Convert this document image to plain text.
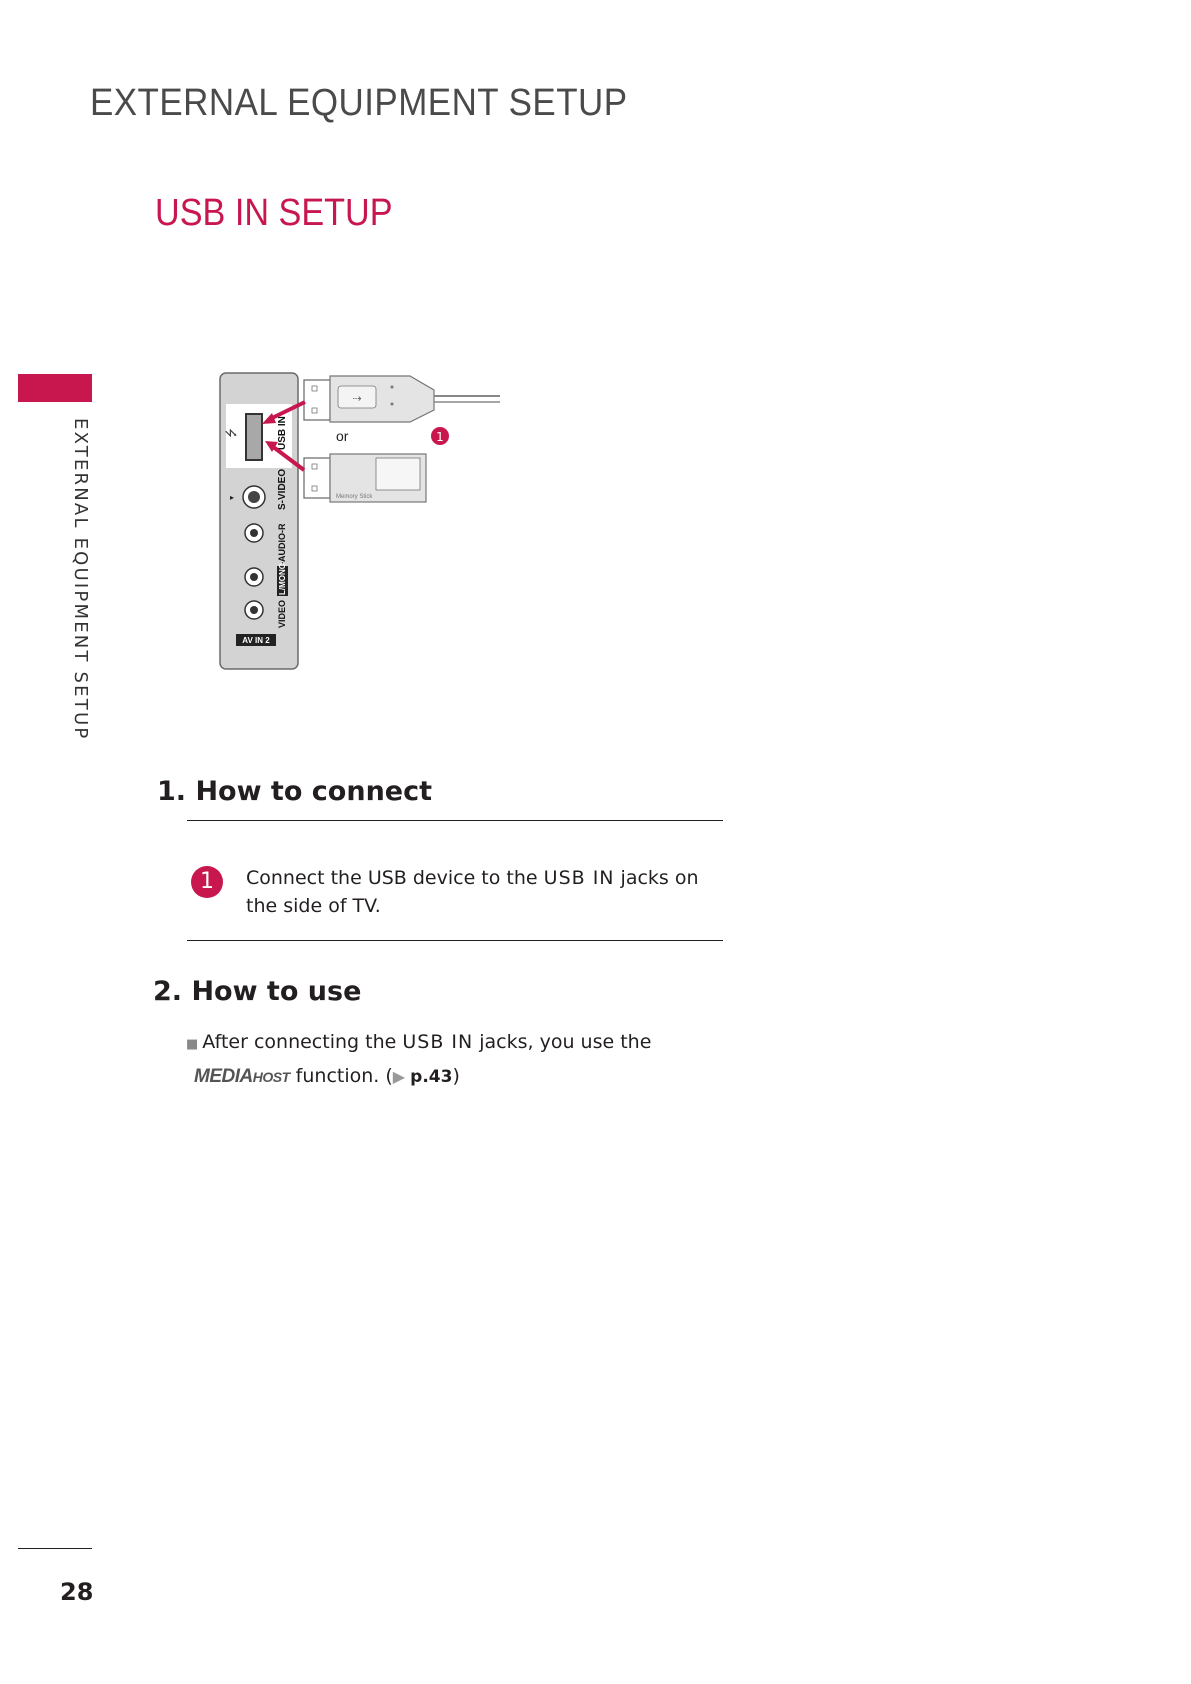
EXTERNAL EQUIPMENT SETUP
USB IN SETUP
EXTERNAL EQUIPMENT SETUP	⭍	USB IN
▸	S-VIDEO
-AUDIO-R
L/MONO
VIDEO
AV IN 2
⇢
Memory Stick
or	1
1. How to connect
1	Connect the USB device to the USB IN jacks on the side of TV.
2. How to use
■ After connecting the USB IN jacks, you use the
MEDIAHOST function. (▶ p.43)
28
